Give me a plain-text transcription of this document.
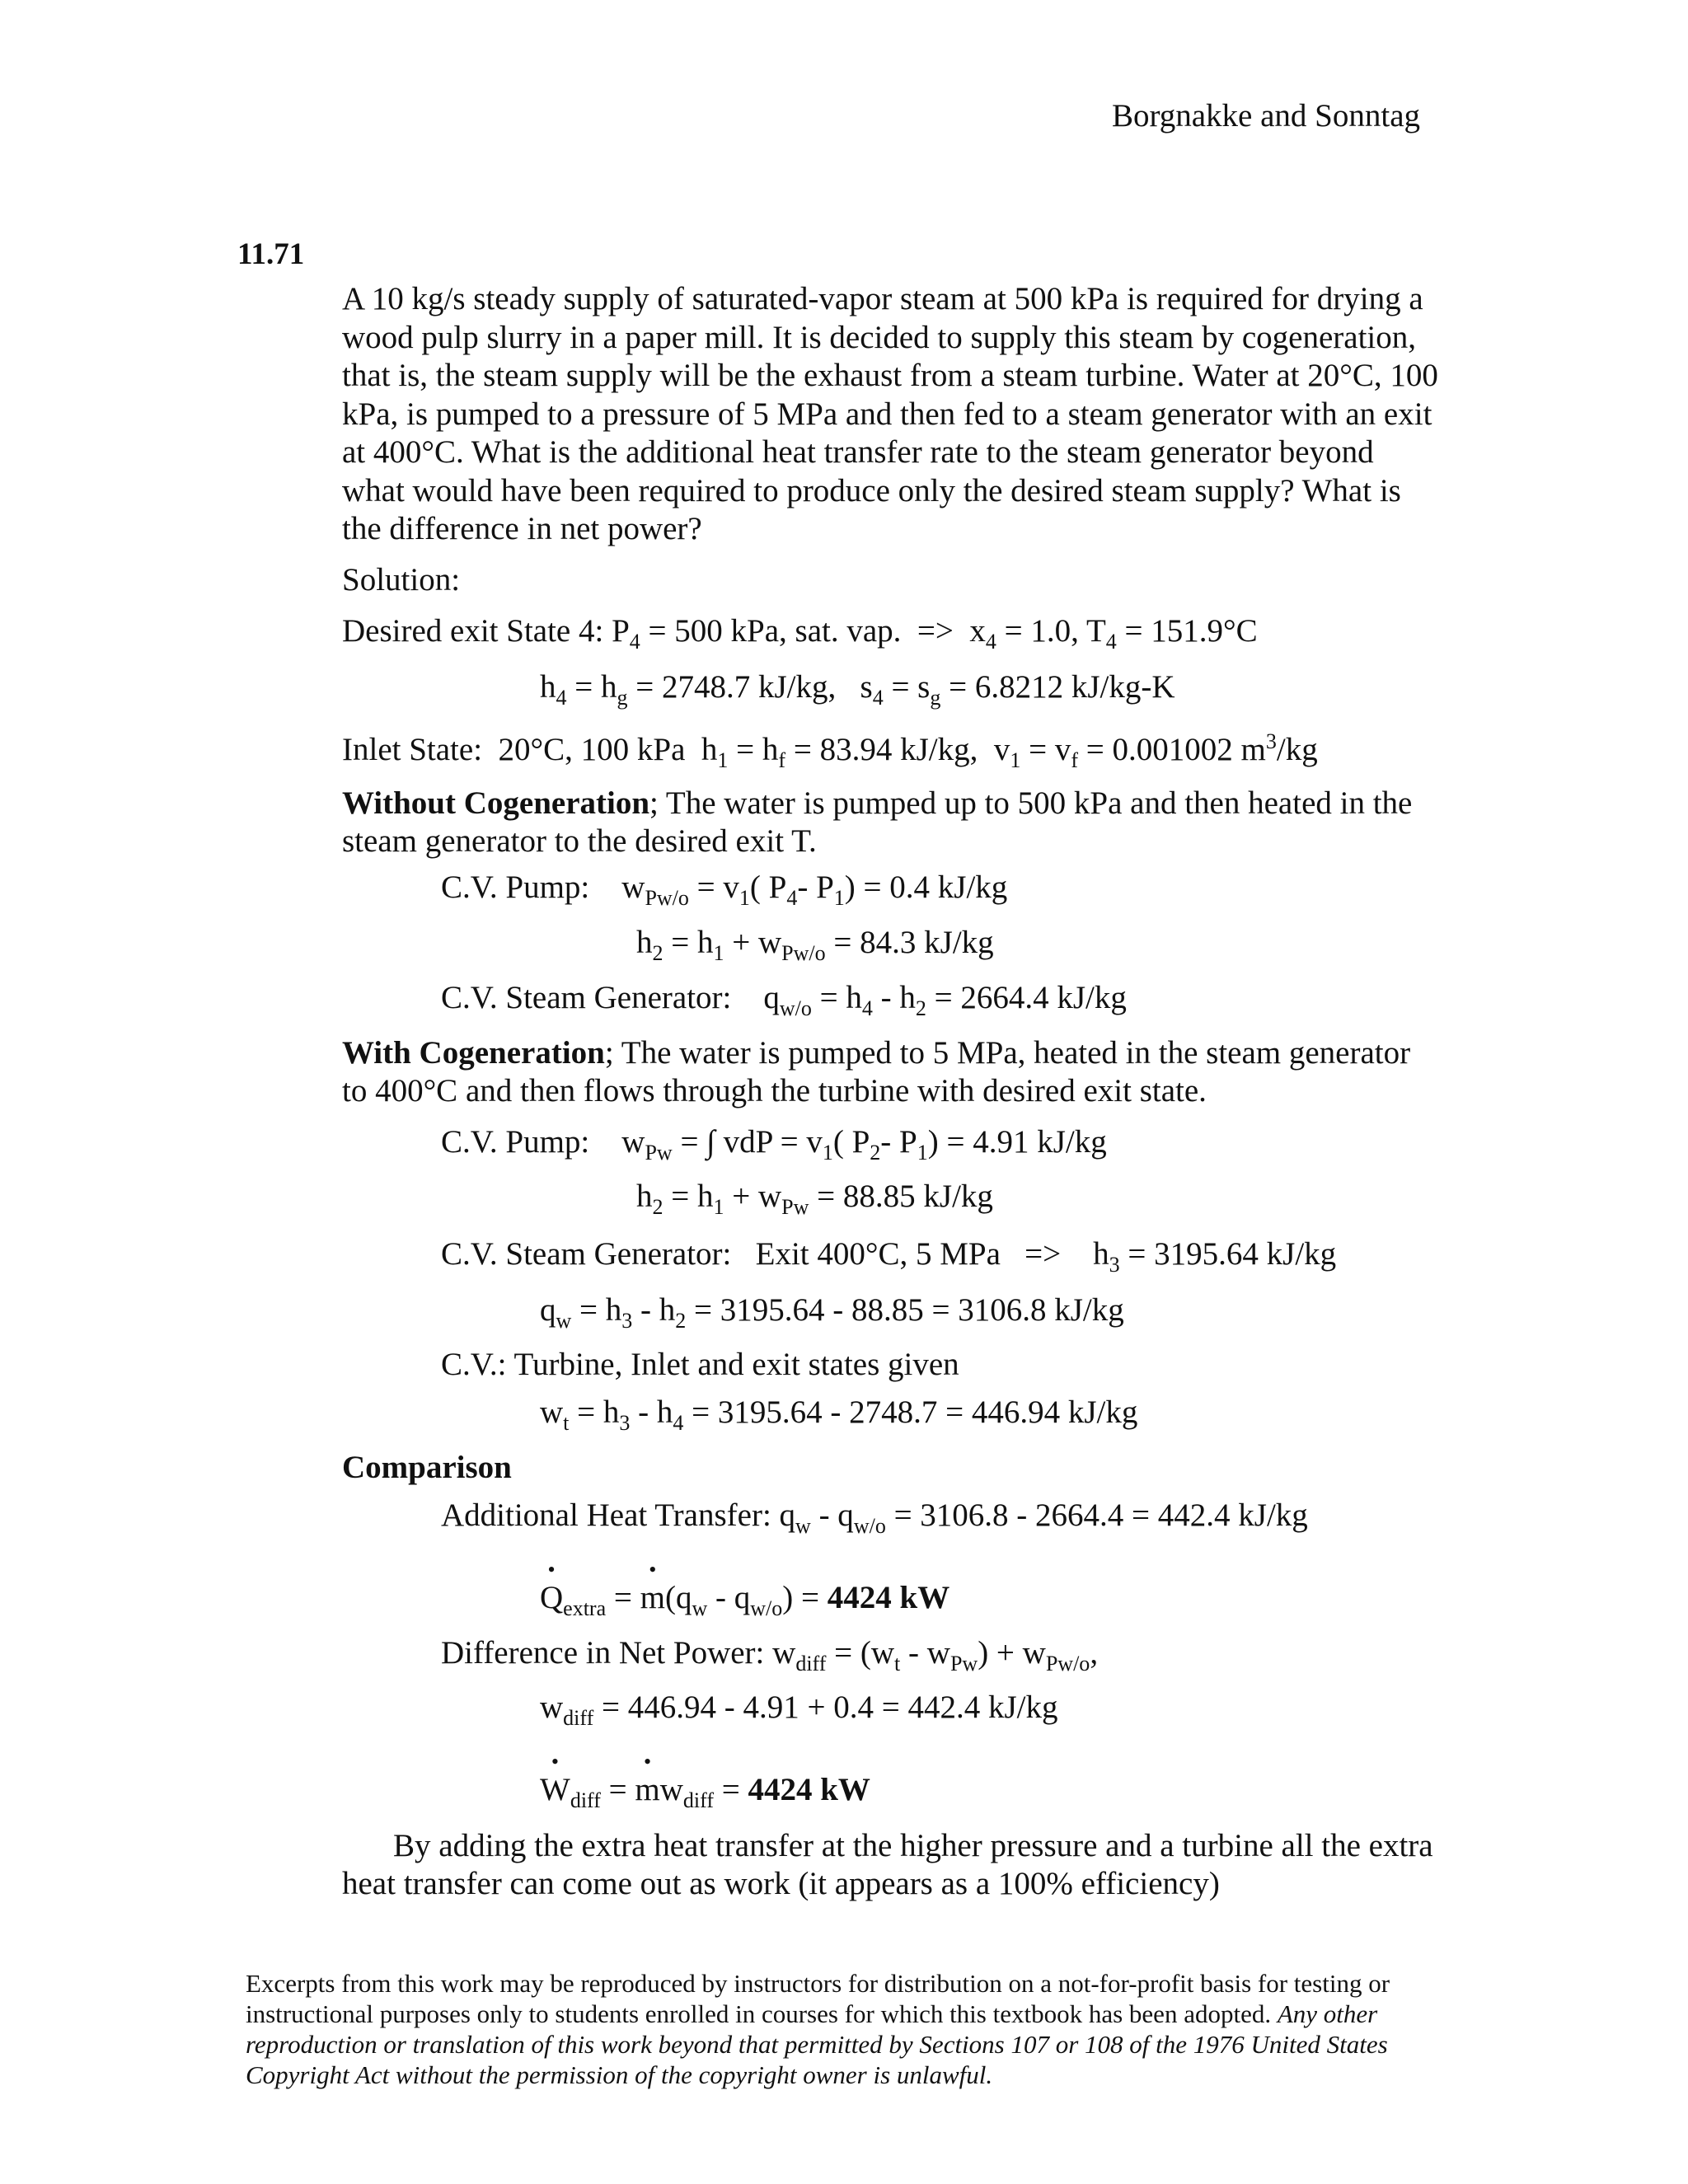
Borgnakke and Sonntag
11.71
A 10 kg/s steady supply of saturated-vapor steam at 500 kPa is required for drying a wood pulp slurry in a paper mill. It is decided to supply this steam by cogeneration, that is, the steam supply will be the exhaust from a steam turbine. Water at 20°C, 100 kPa, is pumped to a pressure of 5 MPa and then fed to a steam generator with an exit at 400°C. What is the additional heat transfer rate to the steam generator beyond what would have been required to produce only the desired steam supply? What is the difference in net power?
Solution:
Desired exit State 4: $P_4 = 500$ kPa, sat. vap.  =>  $x_4 = 1.0$, $T_4 = 151.9^\circ C$
$h_4 = h_g = 2748.7$ kJ/kg,   $s_4 = s_g = 6.8212$ kJ/kg-K
Inlet State:  20°C, 100 kPa  $h_1 = h_f = 83.94$ kJ/kg,  $v_1 = v_f = 0.001002$ $m^3/kg$
Without Cogeneration; The water is pumped up to 500 kPa and then heated in the steam generator to the desired exit T.
C.V. Pump:    $w_{Pw/o} = v_1$( $P_4-$ $P_1) = 0.4$ kJ/kg
$h_2 = h_1 + w_{Pw/o} = 84.3$ kJ/kg
C.V. Steam Generator:    $q_{w/o} = h_4 - h_2 = 2664.4$ kJ/kg
With Cogeneration; The water is pumped to 5 MPa, heated in the steam generator to 400°C and then flows through the turbine with desired exit state.
C.V. Pump:    $w_{Pw}$ = ∫ vdP = $v_1$( $P_2-$ $P_1) = 4.91$ kJ/kg
$h_2 = h_1 + w_{Pw} = 88.85$ kJ/kg
C.V. Steam Generator:   Exit 400°C, 5 MPa   =>    $h_3 = 3195.64$ kJ/kg
$q_w = h_3 - h_2 = 3195.64 - 88.85 = 3106.8$ kJ/kg
C.V.: Turbine, Inlet and exit states given
$w_t = h_3 - h_4 = 3195.64 - 2748.7 = 446.94$ kJ/kg
Comparison
Additional Heat Transfer: $q_w - q_{w/o} = 3106.8 - 2664.4 = 442.4$ kJ/kg
• $Q_{extra}$ = • $m(q_w - q_{w/o}) = 4424$ kW
Difference in Net Power: $w_{diff} = (w_t - w_{Pw}) + w_{Pw/o}$,
$w_{diff} = 446.94 - 4.91 + 0.4 = 442.4$ kJ/kg
• $W_{diff}$ = • $mw_{diff} = 4424$ kW
By adding the extra heat transfer at the higher pressure and a turbine all the extra heat transfer can come out as work (it appears as a 100% efficiency)
Excerpts from this work may be reproduced by instructors for distribution on a not-for-profit basis for testing or instructional purposes only to students enrolled in courses for which this textbook has been adopted. Any other reproduction or translation of this work beyond that permitted by Sections 107 or 108 of the 1976 United States Copyright Act without the permission of the copyright owner is unlawful.
